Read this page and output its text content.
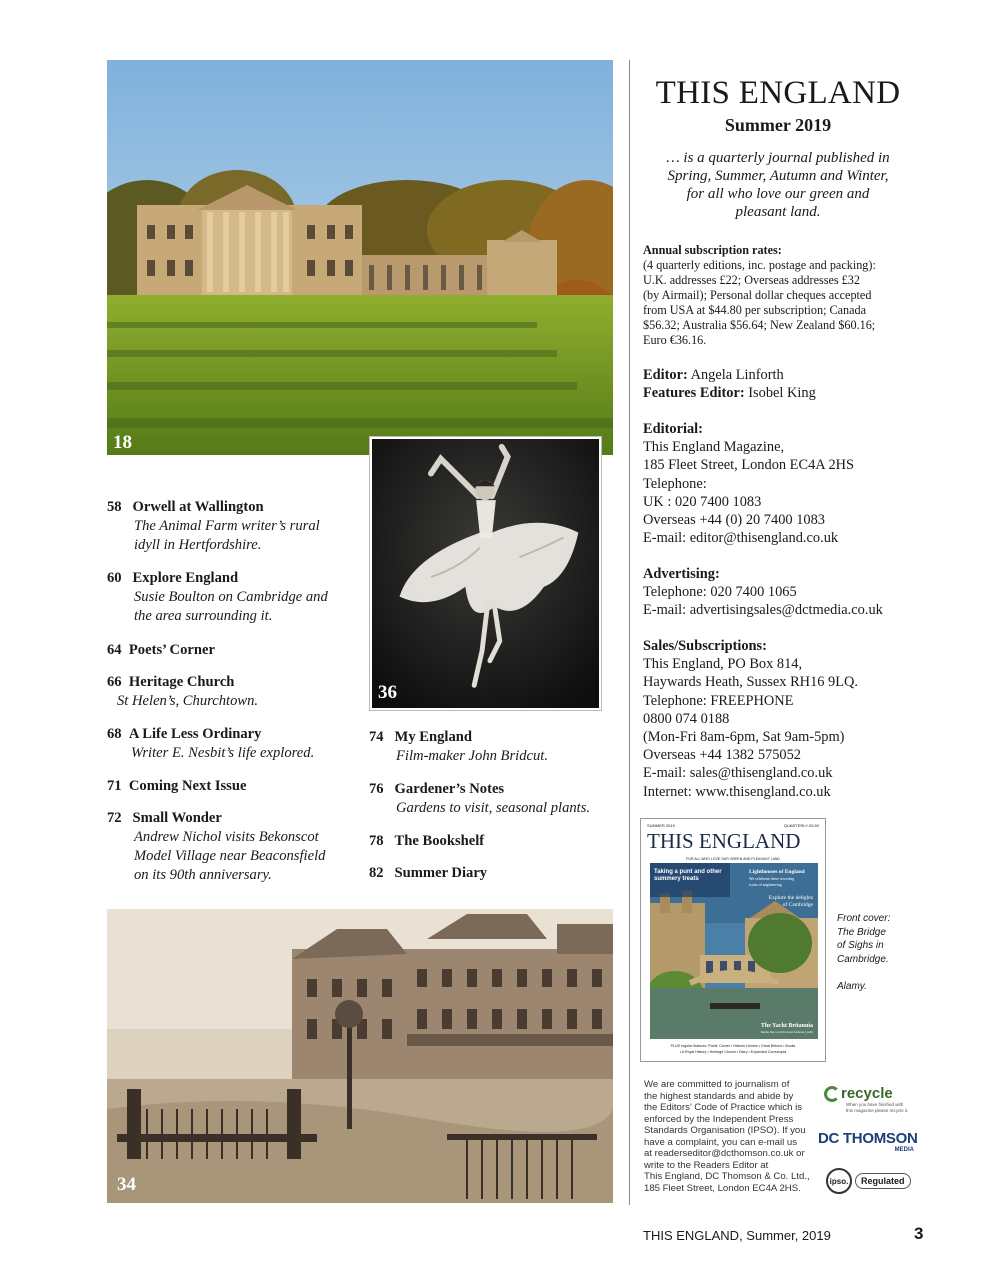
18
36
34
58 Orwell at Wallington
The Animal Farm writer’s rural
idyll in Hertfordshire.
60 Explore England
Susie Boulton on Cambridge and
the area surrounding it.
64 Poets’ Corner
66 Heritage Church
St Helen’s, Churchtown.
68 A Life Less Ordinary
Writer E. Nesbit’s life explored.
71 Coming Next Issue
72 Small Wonder
Andrew Nichol visits Bekonscot
Model Village near Beaconsfield
on its 90th anniversary.
74 My England
Film-maker John Bridcut.
76 Gardener’s Notes
Gardens to visit, seasonal plants.
78 The Bookshelf
82 Summer Diary
THIS ENGLAND
Summer 2019
… is a quarterly journal published in
Spring, Summer, Autumn and Winter,
for all who love our green and
pleasant land.
Annual subscription rates:
(4 quarterly editions, inc. postage and packing):
U.K. addresses £22; Overseas addresses £32
(by Airmail); Personal dollar cheques accepted
from USA at $44.80 per subscription; Canada
$56.32; Australia $56.64; New Zealand $60.16;
Euro €36.16.
Editor: Angela Linforth
Features Editor: Isobel King
Editorial:
This England Magazine,
185 Fleet Street, London EC4A 2HS
Telephone:
UK : 020 7400 1083
Overseas +44 (0) 20 7400 1083
E-mail: editor@thisengland.co.uk
Advertising:
Telephone: 020 7400 1065
E-mail: advertisingsales@dctmedia.co.uk
Sales/Subscriptions:
This England, PO Box 814,
Haywards Heath, Sussex RH16 9LQ.
Telephone: FREEPHONE
0800 074 0188
(Mon-Fri 8am-6pm, Sat 9am-5pm)
Overseas +44 1382 575052
E-mail: sales@thisengland.co.uk
Internet: www.thisengland.co.uk
SUMMER 2019	QUARTERLY £5.50
THIS ENGLAND
FOR ALL WHO LOVE OUR GREEN AND PLEASANT LAND
Taking a punt and other
summery treats
Lighthouses of England
We celebrate these towering
icons of engineering
Explore the delights
of Cambridge
The Yacht Britannia
Inside the world’s most famous yacht
PLUS regular features: Poets’ Corner • Historic Homes • Great Britons • Books
• A Royal History • Heritage Church • Diary • Expanded Cornucopia
Front cover:
The Bridge
of Sighs in
Cambridge.

Alamy.
We are committed to journalism of
the highest standards and abide by
the Editors’ Code of Practice which is
enforced by the Independent Press
Standards Organisation (IPSO). If you
have a complaint, you can e-mail us
at readerseditor@dcthomson.co.uk or
write to the Readers Editor at
This England, DC Thomson & Co. Ltd.,
185 Fleet Street, London EC4A 2HS.
recycle
When you have finished with
this magazine please recycle it.
DC THOMSON
MEDIA
ipso.	Regulated
THIS ENGLAND, Summer, 2019	3
